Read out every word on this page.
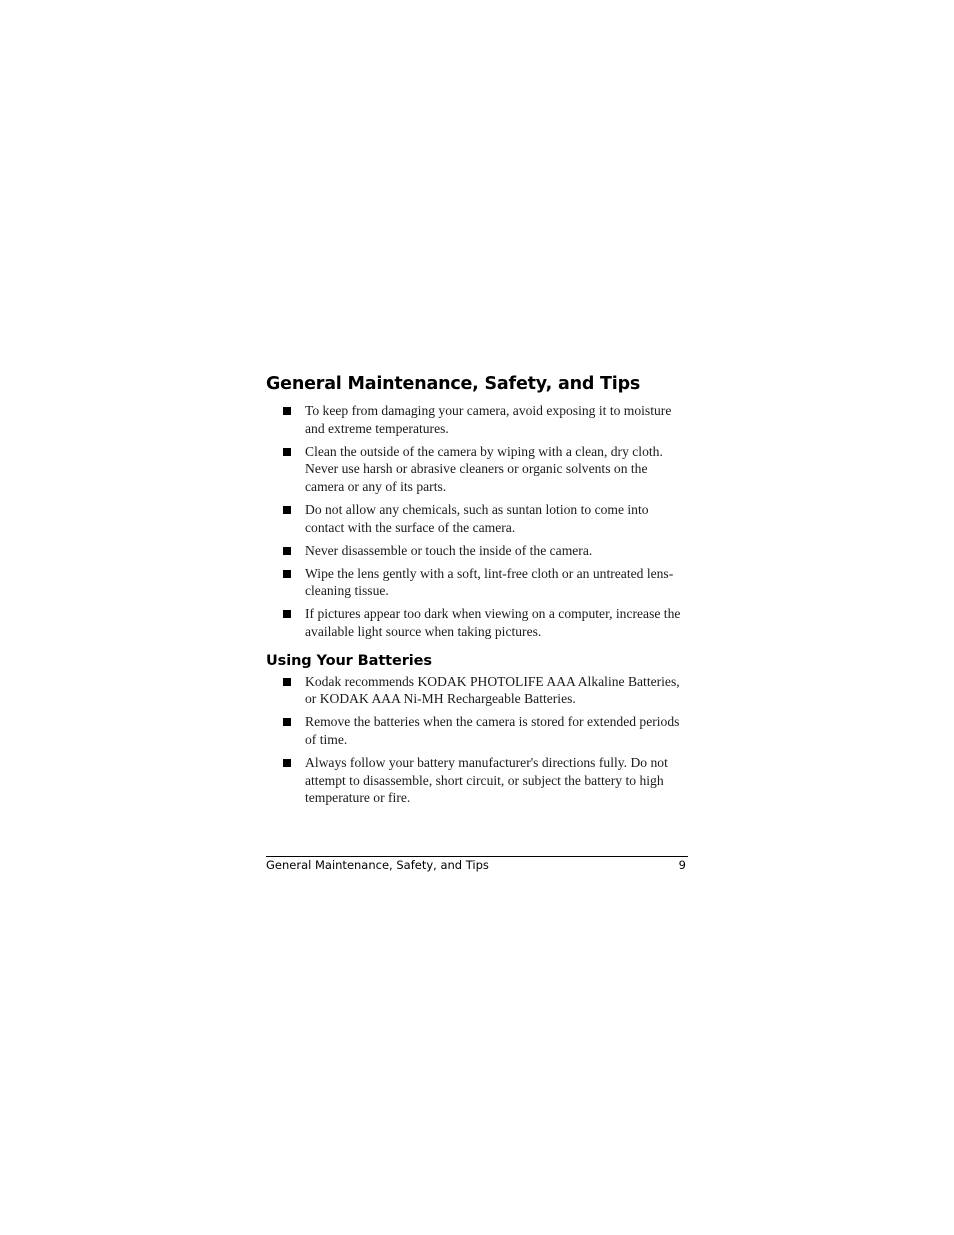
General Maintenance, Safety, and Tips
To keep from damaging your camera, avoid exposing it to moisture and extreme temperatures.
Clean the outside of the camera by wiping with a clean, dry cloth. Never use harsh or abrasive cleaners or organic solvents on the camera or any of its parts.
Do not allow any chemicals, such as suntan lotion to come into contact with the surface of the camera.
Never disassemble or touch the inside of the camera.
Wipe the lens gently with a soft, lint-free cloth or an untreated lens-cleaning tissue.
If pictures appear too dark when viewing on a computer, increase the available light source when taking pictures.
Using Your Batteries
Kodak recommends KODAK PHOTOLIFE AAA Alkaline Batteries, or KODAK AAA Ni-MH Rechargeable Batteries.
Remove the batteries when the camera is stored for extended periods of time.
Always follow your battery manufacturer's directions fully. Do not attempt to disassemble, short circuit, or subject the battery to high temperature or fire.
General Maintenance, Safety, and Tips	9
